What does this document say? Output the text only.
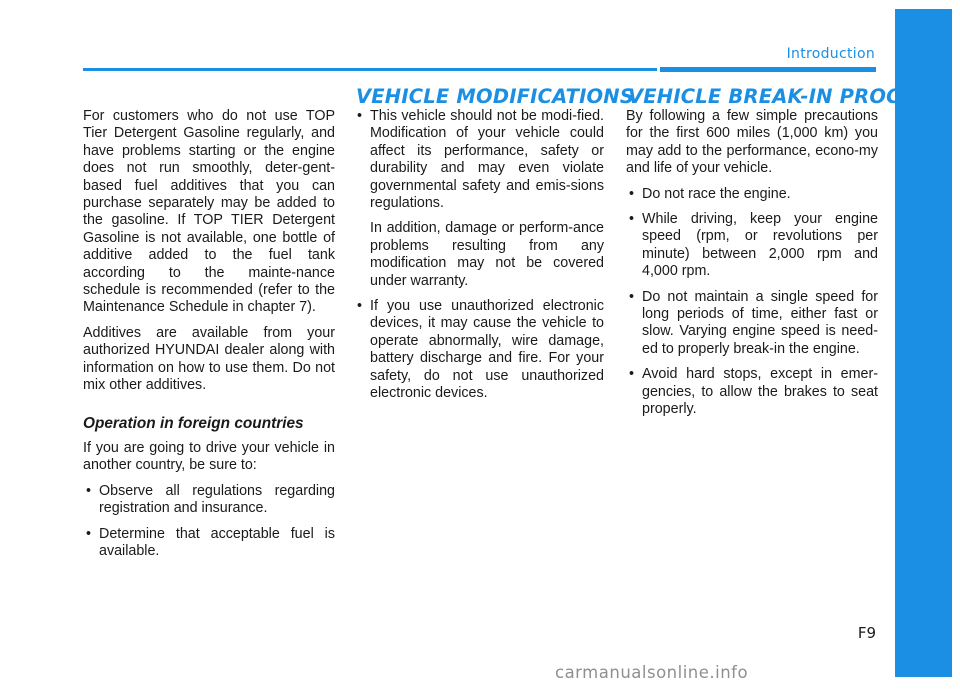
Introduction

For customers who do not use TOP Tier Detergent Gasoline regularly, and have problems starting or the engine does not run smoothly, deter-gent-based fuel additives that you can purchase separately may be added to the gasoline. If TOP TIER Detergent Gasoline is not available, one bottle of additive added to the fuel tank according to the mainte-nance schedule is recommended (refer to the Maintenance Schedule in chapter 7).

Additives are available from your authorized HYUNDAI dealer along with information on how to use them. Do not mix other additives.

Operation in foreign countries

If you are going to drive your vehicle in another country, be sure to:

• Observe all regulations regarding registration and insurance.
• Determine that acceptable fuel is available.
VEHICLE MODIFICATIONS
• This vehicle should not be modi-fied. Modification of your vehicle could affect its performance, safety or durability and may even violate governmental safety and emis-sions regulations.

In addition, damage or perform-ance problems resulting from any modification may not be covered under warranty.

• If you use unauthorized electronic devices, it may cause the vehicle to operate abnormally, wire damage, battery discharge and fire. For your safety, do not use unauthorized electronic devices.
VEHICLE BREAK-IN PROCESS

By following a few simple precautions for the first 600 miles (1,000 km) you may add to the performance, econo-my and life of your vehicle.

• Do not race the engine.
• While driving, keep your engine speed (rpm, or revolutions per minute) between 2,000 rpm and 4,000 rpm.
• Do not maintain a single speed for long periods of time, either fast or slow. Varying engine speed is need-ed to properly break-in the engine.
• Avoid hard stops, except in emer-gencies, to allow the brakes to seat properly.
F9
carmanualsonline.info
